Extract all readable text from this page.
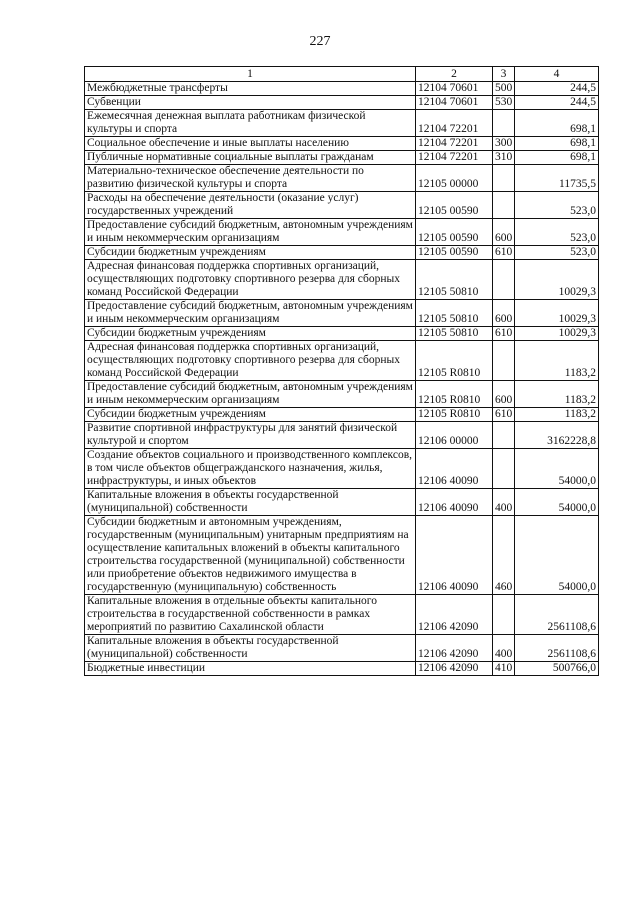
227
1	2	3	4
Межбюджетные трансферты	12104 70601	500	244,5
Субвенции	12104 70601	530	244,5
Ежемесячная денежная выплата работникам физической культуры и спорта	12104 72201		698,1
Социальное обеспечение и иные выплаты населению	12104 72201	300	698,1
Публичные нормативные социальные выплаты гражданам	12104 72201	310	698,1
Материально-техническое обеспечение деятельности по развитию физической культуры и спорта	12105 00000		11735,5
Расходы на обеспечение деятельности (оказание услуг) государственных учреждений	12105 00590		523,0
Предоставление субсидий бюджетным, автономным учреждениям и иным некоммерческим организациям	12105 00590	600	523,0
Субсидии бюджетным учреждениям	12105 00590	610	523,0
Адресная финансовая поддержка спортивных организаций, осуществляющих подготовку спортивного резерва для сборных команд Российской Федерации	12105 50810		10029,3
Предоставление субсидий бюджетным, автономным учреждениям и иным некоммерческим организациям	12105 50810	600	10029,3
Субсидии бюджетным учреждениям	12105 50810	610	10029,3
Адресная финансовая поддержка спортивных организаций, осуществляющих подготовку спортивного резерва для сборных команд Российской Федерации	12105 R0810		1183,2
Предоставление субсидий бюджетным, автономным учреждениям и иным некоммерческим организациям	12105 R0810	600	1183,2
Субсидии бюджетным учреждениям	12105 R0810	610	1183,2
Развитие спортивной инфраструктуры для занятий физической культурой и спортом	12106 00000		3162228,8
Создание объектов социального и производственного комплексов, в том числе объектов общегражданского назначения, жилья, инфраструктуры, и иных объектов	12106 40090		54000,0
Капитальные вложения в объекты государственной (муниципальной) собственности	12106 40090	400	54000,0
Субсидии бюджетным и автономным учреждениям, государственным (муниципальным) унитарным предприятиям на осуществление капитальных вложений в объекты капитального строительства государственной (муниципальной) собственности или приобретение объектов недвижимого имущества в государственную (муниципальную) собственность	12106 40090	460	54000,0
Капитальные вложения в отдельные объекты капитального строительства в государственной собственности в рамках мероприятий по развитию Сахалинской области	12106 42090		2561108,6
Капитальные вложения в объекты государственной (муниципальной) собственности	12106 42090	400	2561108,6
Бюджетные инвестиции	12106 42090	410	500766,0
